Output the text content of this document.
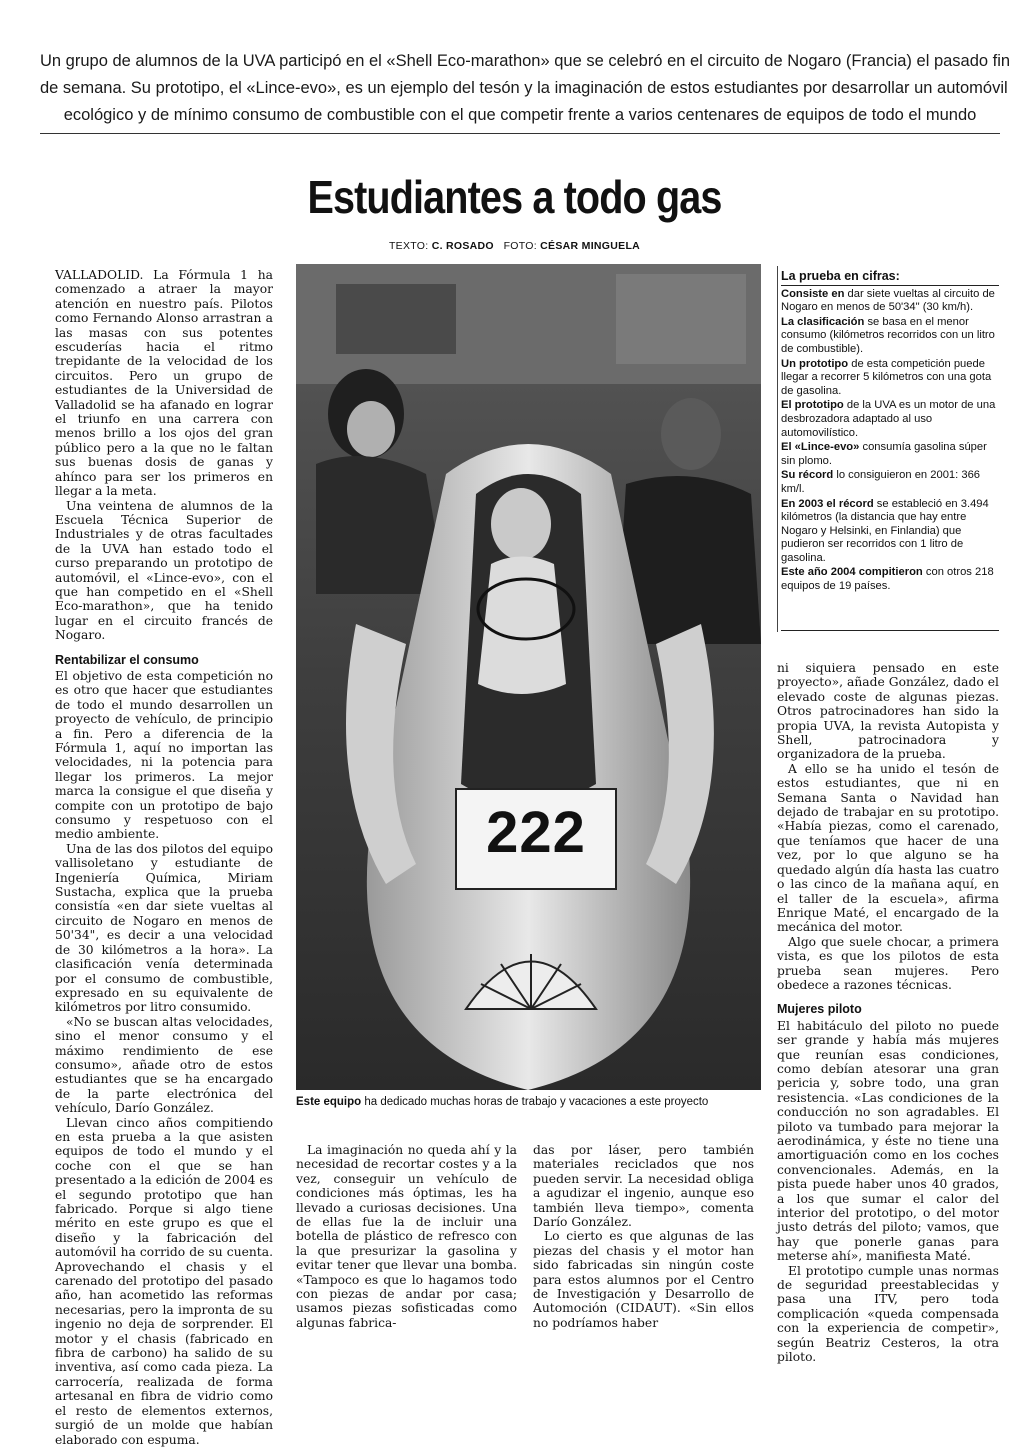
Un grupo de alumnos de la UVA participó en el «Shell Eco-marathon» que se celebró en el circuito de Nogaro (Francia) el pasado fin
de semana. Su prototipo, el «Lince-evo», es un ejemplo del tesón y la imaginación de estos estudiantes por desarrollar un automóvil
ecológico y de mínimo consumo de combustible con el que competir frente a varios centenares de equipos de todo el mundo
Estudiantes a todo gas
TEXTO: C. ROSADO FOTO: CÉSAR MINGUELA

VALLADOLID. La Fórmula 1 ha comenzado a atraer la mayor atención en nuestro país. Pilotos como Fernando Alonso arrastran a las masas con sus potentes escuderías hacia el ritmo trepidante de la velocidad de los circuitos. Pero un grupo de estudiantes de la Universidad de Valladolid se ha afanado en lograr el triunfo en una carrera con menos brillo a los ojos del gran público pero a la que no le faltan sus buenas dosis de ganas y ahínco para ser los primeros en llegar a la meta.

Una veintena de alumnos de la Escuela Técnica Superior de Industriales y de otras facultades de la UVA han estado todo el curso preparando un prototipo de automóvil, el «Lince-evo», con el que han competido en el «Shell Eco-marathon», que ha tenido lugar en el circuito francés de Nogaro.

Rentabilizar el consumo

El objetivo de esta competición no es otro que hacer que estudiantes de todo el mundo desarrollen un proyecto de vehículo, de principio a fin. Pero a diferencia de la Fórmula 1, aquí no importan las velocidades, ni la potencia para llegar los primeros. La mejor marca la consigue el que diseña y compite con un prototipo de bajo consumo y respetuoso con el medio ambiente.

Una de las dos pilotos del equipo vallisoletano y estudiante de Ingeniería Química, Miriam Sustacha, explica que la prueba consistía «en dar siete vueltas al circuito de Nogaro en menos de 50'34", es decir a una velocidad de 30 kilómetros a la hora». La clasificación venía determinada por el consumo de combustible, expresado en su equivalente de kilómetros por litro consumido.

«No se buscan altas velocidades, sino el menor consumo y el máximo rendimiento de ese consumo», añade otro de estos estudiantes que se ha encargado de la parte electrónica del vehículo, Darío González.

Llevan cinco años compitiendo en esta prueba a la que asisten equipos de todo el mundo y el coche con el que se han presentado a la edición de 2004 es el segundo prototipo que han fabricado. Porque si algo tiene mérito en este grupo es que el diseño y la fabricación del automóvil ha corrido de su cuenta. Aprovechando el chasis y el carenado del prototipo del pasado año, han acometido las reformas necesarias, pero la impronta de su ingenio no deja de sorprender. El motor y el chasis (fabricado en fibra de carbono) ha salido de su inventiva, así como cada pieza. La carrocería, realizada de forma artesanal en fibra de vidrio como el resto de elementos externos, surgió de un molde que habían elaborado con espuma.

222
Este equipo ha dedicado muchas horas de trabajo y vacaciones a este proyecto

La imaginación no queda ahí y la necesidad de recortar costes y a la vez, conseguir un vehículo de condiciones más óptimas, les ha llevado a curiosas decisiones. Una de ellas fue la de incluir una botella de plástico de refresco con la que presurizar la gasolina y evitar tener que llevar una bomba. «Tampoco es que lo hagamos todo con piezas de andar por casa; usamos piezas sofisticadas como algunas fabrica-

das por láser, pero también materiales reciclados que nos pueden servir. La necesidad obliga a agudizar el ingenio, aunque eso también lleva tiempo», comenta Darío González.

Lo cierto es que algunas de las piezas del chasis y el motor han sido fabricadas sin ningún coste para estos alumnos por el Centro de Investigación y Desarrollo de Automoción (CIDAUT). «Sin ellos no podríamos haber

La prueba en cifras:

Consiste en dar siete vueltas al circuito de Nogaro en menos de 50'34" (30 km/h).

La clasificación se basa en el menor consumo (kilómetros recorridos con un litro de combustible).

Un prototipo de esta competición puede llegar a recorrer 5 kilómetros con una gota de gasolina.

El prototipo de la UVA es un motor de una desbrozadora adaptado al uso automovilístico.

El «Lince-evo» consumía gasolina súper sin plomo.

Su récord lo consiguieron en 2001: 366 km/l.

En 2003 el récord se estableció en 3.494 kilómetros (la distancia que hay entre Nogaro y Helsinki, en Finlandia) que pudieron ser recorridos con 1 litro de gasolina.

Este año 2004 compitieron con otros 218 equipos de 19 países.

ni siquiera pensado en este proyecto», añade González, dado el elevado coste de algunas piezas. Otros patrocinadores han sido la propia UVA, la revista Autopista y Shell, patrocinadora y organizadora de la prueba.

A ello se ha unido el tesón de estos estudiantes, que ni en Semana Santa o Navidad han dejado de trabajar en su prototipo. «Había piezas, como el carenado, que teníamos que hacer de una vez, por lo que alguno se ha quedado algún día hasta las cuatro o las cinco de la mañana aquí, en el taller de la escuela», afirma Enrique Maté, el encargado de la mecánica del motor.

Algo que suele chocar, a primera vista, es que los pilotos de esta prueba sean mujeres. Pero obedece a razones técnicas.

Mujeres piloto

El habitáculo del piloto no puede ser grande y había más mujeres que reunían esas condiciones, como debían atesorar una gran pericia y, sobre todo, una gran resistencia. «Las condiciones de la conducción no son agradables. El piloto va tumbado para mejorar la aerodinámica, y éste no tiene una amortiguación como en los coches convencionales. Además, en la pista puede haber unos 40 grados, a los que sumar el calor del interior del prototipo, o del motor justo detrás del piloto; vamos, que hay que ponerle ganas para meterse ahí», manifiesta Maté.

El prototipo cumple unas normas de seguridad preestablecidas y pasa una ITV, pero toda complicación «queda compensada con la experiencia de competir», según Beatriz Cesteros, la otra piloto.
